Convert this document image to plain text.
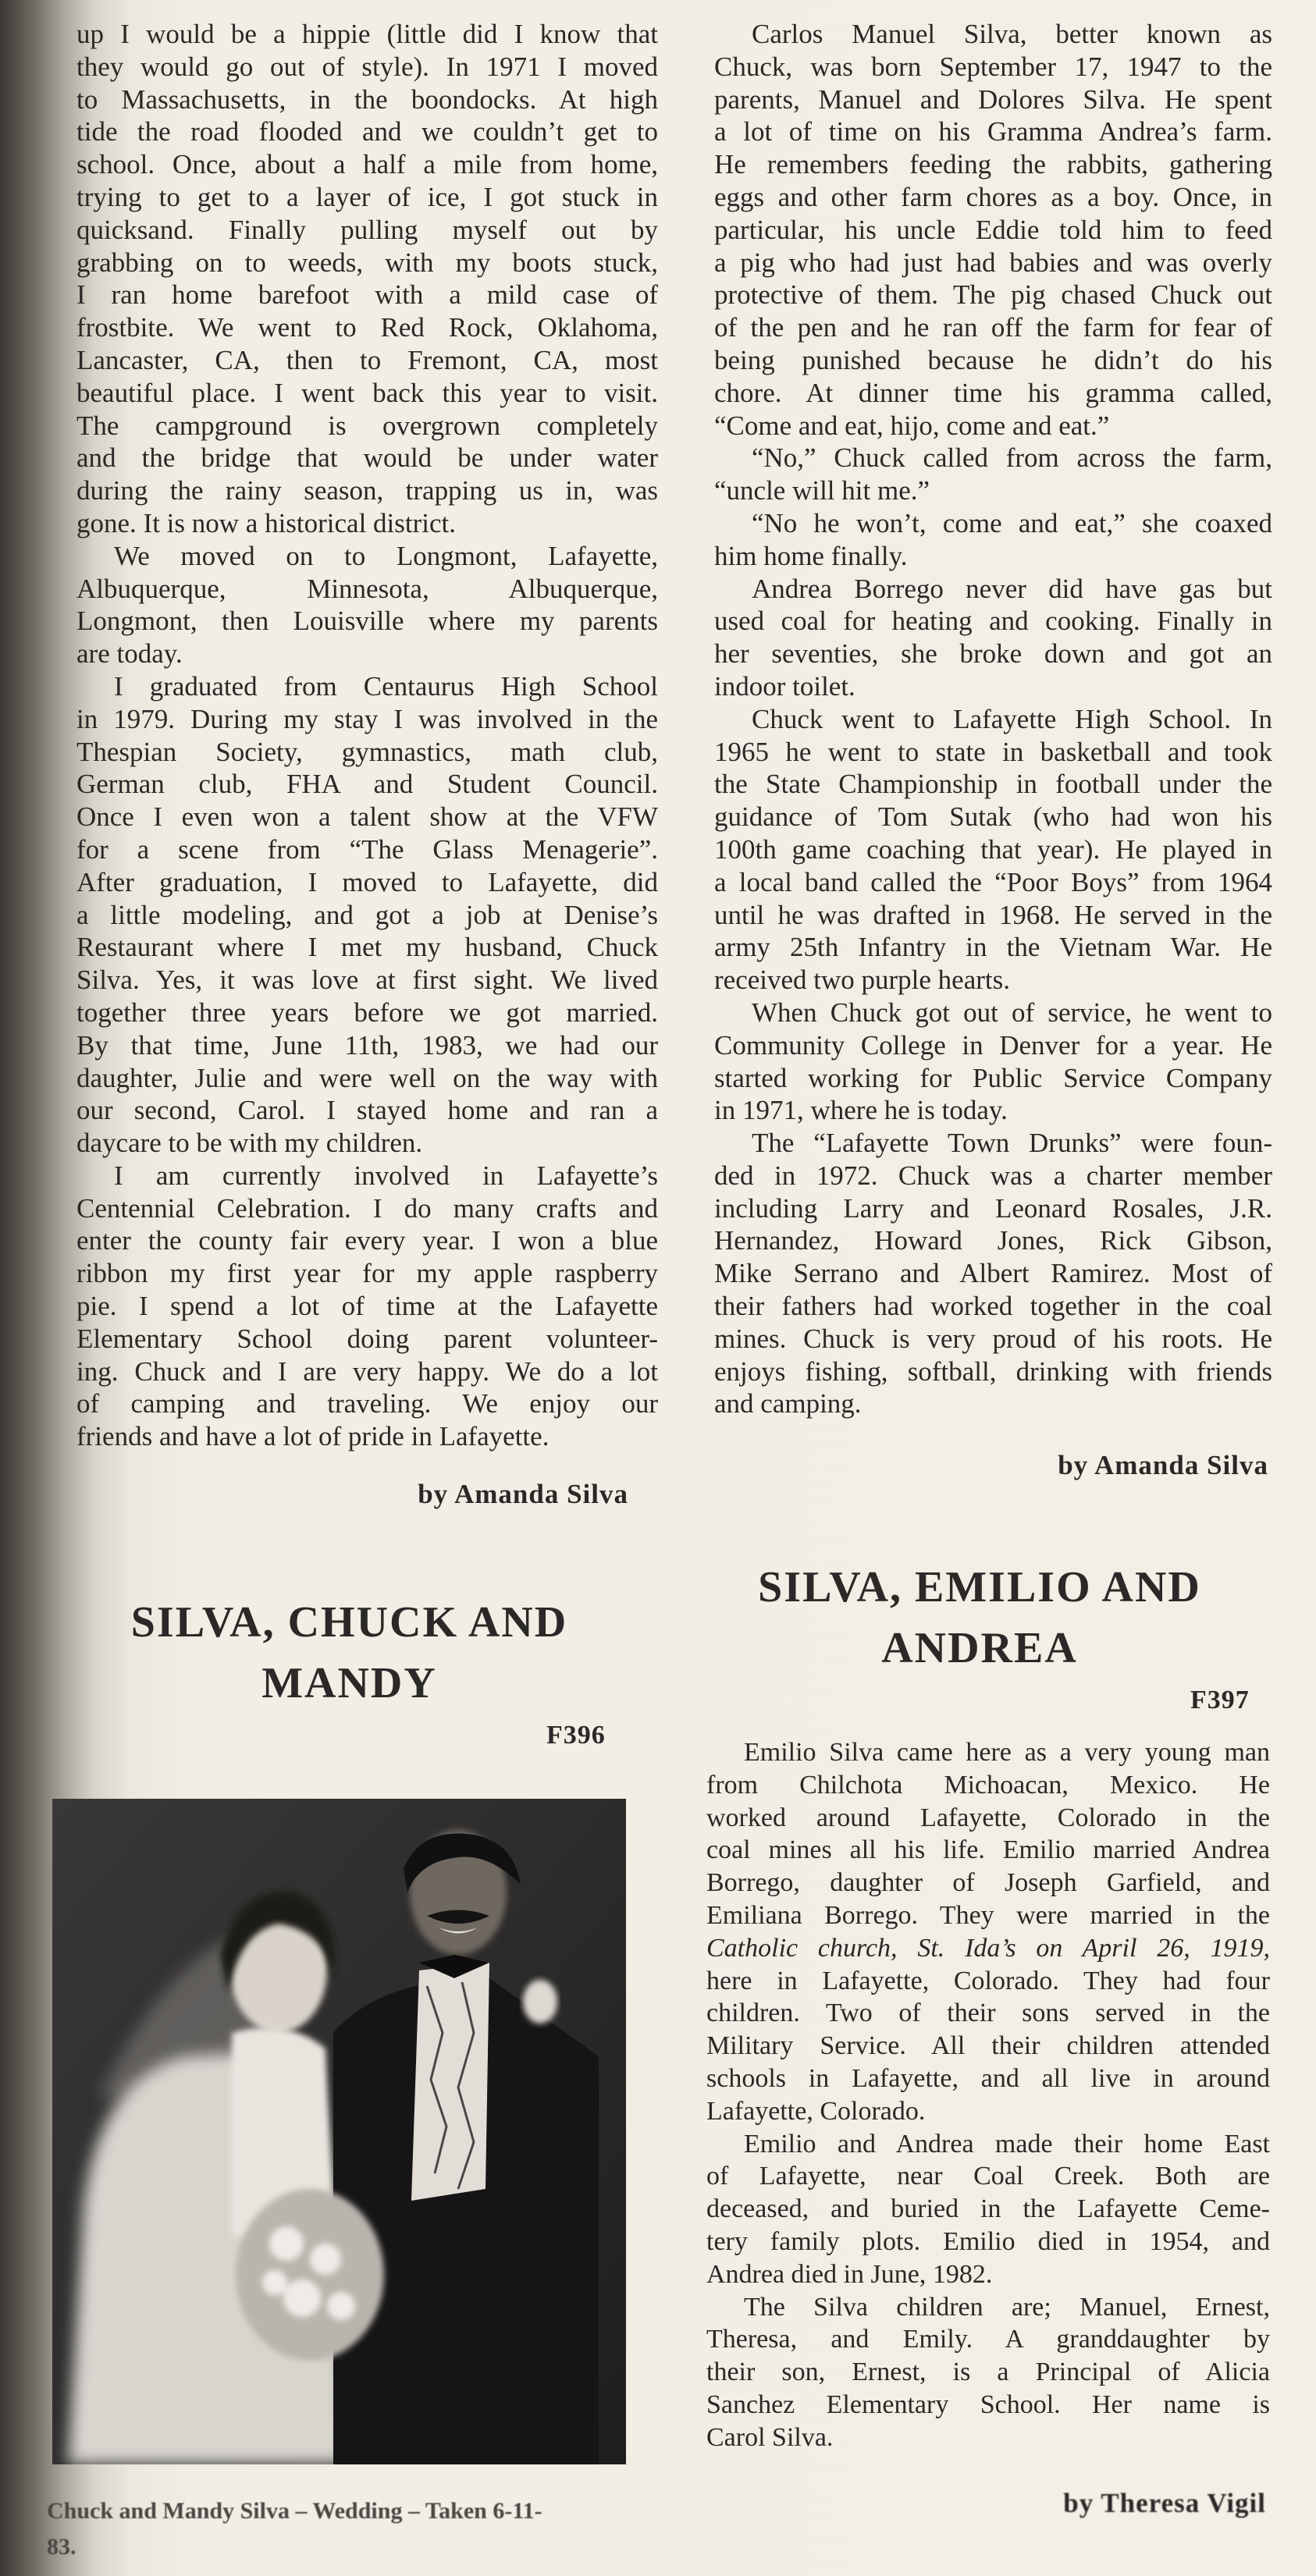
up I would be a hippie (little did I know that
they would go out of style). In 1971 I moved
to Massachusetts, in the boondocks. At high
tide the road flooded and we couldn’t get to
school. Once, about a half a mile from home,
trying to get to a layer of ice, I got stuck in
quicksand. Finally pulling myself out by
grabbing on to weeds, with my boots stuck,
I ran home barefoot with a mild case of
frostbite. We went to Red Rock, Oklahoma,
Lancaster, CA, then to Fremont, CA, most
beautiful place. I went back this year to visit.
The campground is overgrown completely
and the bridge that would be under water
during the rainy season, trapping us in, was
gone. It is now a historical district.
We moved on to Longmont, Lafayette,
Albuquerque, Minnesota, Albuquerque,
Longmont, then Louisville where my parents
are today.
I graduated from Centaurus High School
in 1979. During my stay I was involved in the
Thespian Society, gymnastics, math club,
German club, FHA and Student Council.
Once I even won a talent show at the VFW
for a scene from “The Glass Menagerie”.
After graduation, I moved to Lafayette, did
a little modeling, and got a job at Denise’s
Restaurant where I met my husband, Chuck
Silva. Yes, it was love at first sight. We lived
together three years before we got married.
By that time, June 11th, 1983, we had our
daughter, Julie and were well on the way with
our second, Carol. I stayed home and ran a
daycare to be with my children.
I am currently involved in Lafayette’s
Centennial Celebration. I do many crafts and
enter the county fair every year. I won a blue
ribbon my first year for my apple raspberry
pie. I spend a lot of time at the Lafayette
Elementary School doing parent volunteer-
ing. Chuck and I are very happy. We do a lot
of camping and traveling. We enjoy our
friends and have a lot of pride in Lafayette.
by Amanda Silva
SILVA, CHUCK AND
MANDY
F396
Chuck and Mandy Silva – Wedding – Taken 6-11-
83.
Carlos Manuel Silva, better known as
Chuck, was born September 17, 1947 to the
parents, Manuel and Dolores Silva. He spent
a lot of time on his Gramma Andrea’s farm.
He remembers feeding the rabbits, gathering
eggs and other farm chores as a boy. Once, in
particular, his uncle Eddie told him to feed
a pig who had just had babies and was overly
protective of them. The pig chased Chuck out
of the pen and he ran off the farm for fear of
being punished because he didn’t do his
chore. At dinner time his gramma called,
“Come and eat, hijo, come and eat.”
“No,” Chuck called from across the farm,
“uncle will hit me.”
“No he won’t, come and eat,” she coaxed
him home finally.
Andrea Borrego never did have gas but
used coal for heating and cooking. Finally in
her seventies, she broke down and got an
indoor toilet.
Chuck went to Lafayette High School. In
1965 he went to state in basketball and took
the State Championship in football under the
guidance of Tom Sutak (who had won his
100th game coaching that year). He played in
a local band called the “Poor Boys” from 1964
until he was drafted in 1968. He served in the
army 25th Infantry in the Vietnam War. He
received two purple hearts.
When Chuck got out of service, he went to
Community College in Denver for a year. He
started working for Public Service Company
in 1971, where he is today.
The “Lafayette Town Drunks” were foun-
ded in 1972. Chuck was a charter member
including Larry and Leonard Rosales, J.R.
Hernandez, Howard Jones, Rick Gibson,
Mike Serrano and Albert Ramirez. Most of
their fathers had worked together in the coal
mines. Chuck is very proud of his roots. He
enjoys fishing, softball, drinking with friends
and camping.
by Amanda Silva
SILVA, EMILIO AND
ANDREA
F397
Emilio Silva came here as a very young man
from Chilchota Michoacan, Mexico. He
worked around Lafayette, Colorado in the
coal mines all his life. Emilio married Andrea
Borrego, daughter of Joseph Garfield, and
Emiliana Borrego. They were married in the
Catholic church, St. Ida’s on April 26, 1919,
here in Lafayette, Colorado. They had four
children. Two of their sons served in the
Military Service. All their children attended
schools in Lafayette, and all live in around
Lafayette, Colorado.
Emilio and Andrea made their home East
of Lafayette, near Coal Creek. Both are
deceased, and buried in the Lafayette Ceme-
tery family plots. Emilio died in 1954, and
Andrea died in June, 1982.
The Silva children are; Manuel, Ernest,
Theresa, and Emily. A granddaughter by
their son, Ernest, is a Principal of Alicia
Sanchez Elementary School. Her name is
Carol Silva.
by Theresa Vigil
